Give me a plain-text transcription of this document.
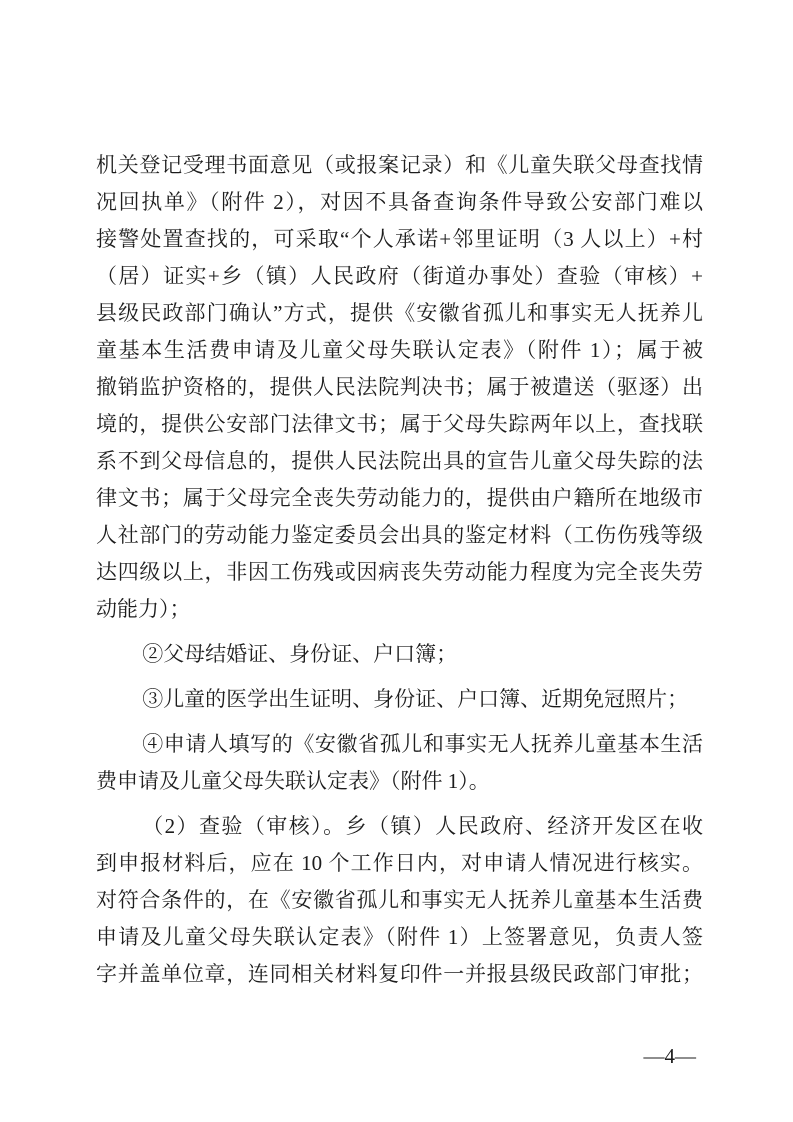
机关登记受理书面意见（或报案记录）和《儿童失联父母查找情
况回执单》（附件 2），对因不具备查询条件导致公安部门难以
接警处置查找的，可采取“个人承诺+邻里证明（3 人以上）+村
（居）证实+乡（镇）人民政府（街道办事处）查验（审核）+
县级民政部门确认”方式，提供《安徽省孤儿和事实无人抚养儿
童基本生活费申请及儿童父母失联认定表》（附件 1）；属于被
撤销监护资格的，提供人民法院判决书；属于被遣送（驱逐）出
境的，提供公安部门法律文书；属于父母失踪两年以上，查找联
系不到父母信息的，提供人民法院出具的宣告儿童父母失踪的法
律文书；属于父母完全丧失劳动能力的，提供由户籍所在地级市
人社部门的劳动能力鉴定委员会出具的鉴定材料（工伤伤残等级
达四级以上，非因工伤残或因病丧失劳动能力程度为完全丧失劳
动能力）；
②父母结婚证、身份证、户口簿；
③儿童的医学出生证明、身份证、户口簿、近期免冠照片；
④申请人填写的《安徽省孤儿和事实无人抚养儿童基本生活
费申请及儿童父母失联认定表》（附件 1）。
（2）查验（审核）。乡（镇）人民政府、经济开发区在收
到申报材料后，应在 10 个工作日内，对申请人情况进行核实。
对符合条件的，在《安徽省孤儿和事实无人抚养儿童基本生活费
申请及儿童父母失联认定表》（附件 1）上签署意见，负责人签
字并盖单位章，连同相关材料复印件一并报县级民政部门审批；
—4—
